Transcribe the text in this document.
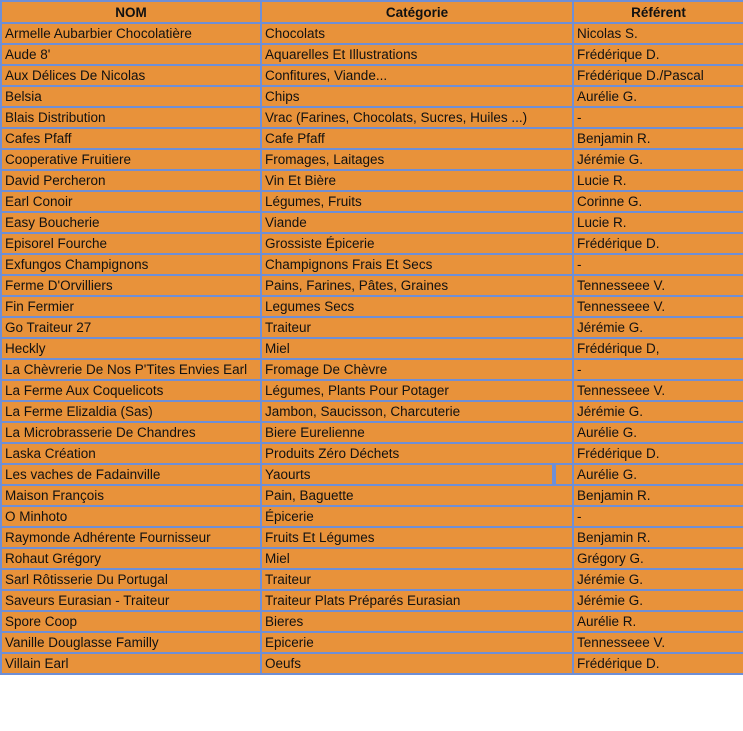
NOM	Catégorie	Référent
Armelle Aubarbier Chocolatière	Chocolats	Nicolas S.
Aude 8'	Aquarelles Et Illustrations	Frédérique D.
Aux Délices De Nicolas	Confitures, Viande...	Frédérique D./Pascal
Belsia	Chips	Aurélie G.
Blais Distribution	Vrac (Farines, Chocolats, Sucres, Huiles ...)	-
Cafes Pfaff	Cafe Pfaff	Benjamin R.
Cooperative Fruitiere	Fromages, Laitages	Jérémie G.
David Percheron	Vin Et Bière	Lucie R.
Earl Conoir	Légumes, Fruits	Corinne G.
Easy Boucherie	Viande	Lucie R.
Episorel Fourche	Grossiste Épicerie	Frédérique D.
Exfungos Champignons	Champignons Frais Et Secs	-
Ferme D'Orvilliers	Pains, Farines, Pâtes, Graines	Tennesseee V.
Fin Fermier	Legumes Secs	Tennesseee V.
Go Traiteur 27	Traiteur	Jérémie G.
Heckly	Miel	Frédérique D,
La Chèvrerie De Nos P'Tites Envies Earl	Fromage De Chèvre	-
La Ferme Aux Coquelicots	Légumes, Plants Pour Potager	Tennesseee V.
La Ferme Elizaldia (Sas)	Jambon, Saucisson, Charcuterie	Jérémie G.
La Microbrasserie De Chandres	Biere Eurelienne	Aurélie G.
Laska Création	Produits Zéro Déchets	Frédérique D.
Les vaches de Fadainville	Yaourts	Aurélie G.
Maison François	Pain, Baguette	Benjamin R.
O Minhoto	Épicerie	-
Raymonde Adhérente Fournisseur	Fruits Et Légumes	Benjamin R.
Rohaut Grégory	Miel	Grégory G.
Sarl Rôtisserie Du Portugal	Traiteur	Jérémie G.
Saveurs Eurasian - Traiteur	Traiteur Plats Préparés Eurasian	Jérémie G.
Spore Coop	Bieres	Aurélie R.
Vanille Douglasse Familly	Epicerie	Tennesseee V.
Villain Earl	Oeufs	Frédérique D.
